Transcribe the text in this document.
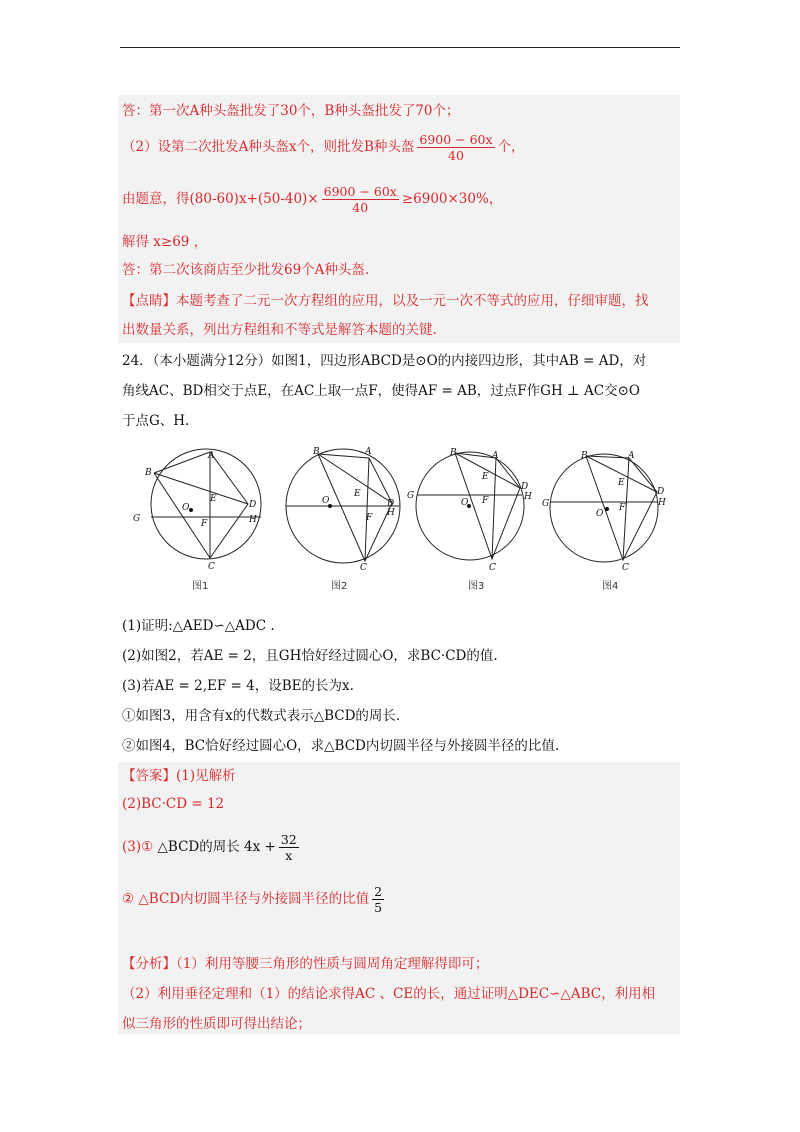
答：第一次A种头盔批发了30个，B种头盔批发了70个；
（2）设第二次批发A种头盔x个，则批发B种头盔 $\frac{6900 - 60x}{40}$ 个，
由题意，得$(80-60)x+(50-40)\times \frac{6900 - 60x}{40} \ge 6900\times 30\%$，
解得 x≥69 ，
答：第二次该商店至少批发69个A种头盔.
【点睛】本题考查了二元一次方程组的应用，以及一元一次不等式的应用，仔细审题，找
出数量关系，列出方程组和不等式是解答本题的关键.
24．（本小题满分12分）如图1，四边形ABCD是⊙O的内接四边形，其中AB = AD，对
角线AC、BD相交于点E，在AC上取一点F，使得AF = AB，过点F作GH ⊥ AC交⊙O
于点G、H.
B
A
D
H
G
E
F
O
C
B	A
D
H
E
F
O
C
B	A
D
H
G
E
F
O
C
B	A
D
H
G
E
F
O
C
图1	图2	图3	图4
(1)证明:△AED∽△ADC .
(2)如图2，若AE = 2，且GH恰好经过圆心O，求BC·CD的值.
(3)若AE = 2,EF = 4，设BE的长为x.
①如图3，用含有x的代数式表示△BCD的周长.
②如图4，BC恰好经过圆心O，求△BCD内切圆半径与外接圆半径的比值.
【答案】(1)见解析
(2)BC·CD = 12
(3)① △BCD的周长 $4x + \frac{32}{x}$
② △BCD内切圆半径与外接圆半径的比值 $\frac{2}{5}$
【分析】（1）利用等腰三角形的性质与圆周角定理解得即可；
（2）利用垂径定理和（1）的结论求得AC 、CE的长，通过证明△DEC∽△ABC，利用相
似三角形的性质即可得出结论；
